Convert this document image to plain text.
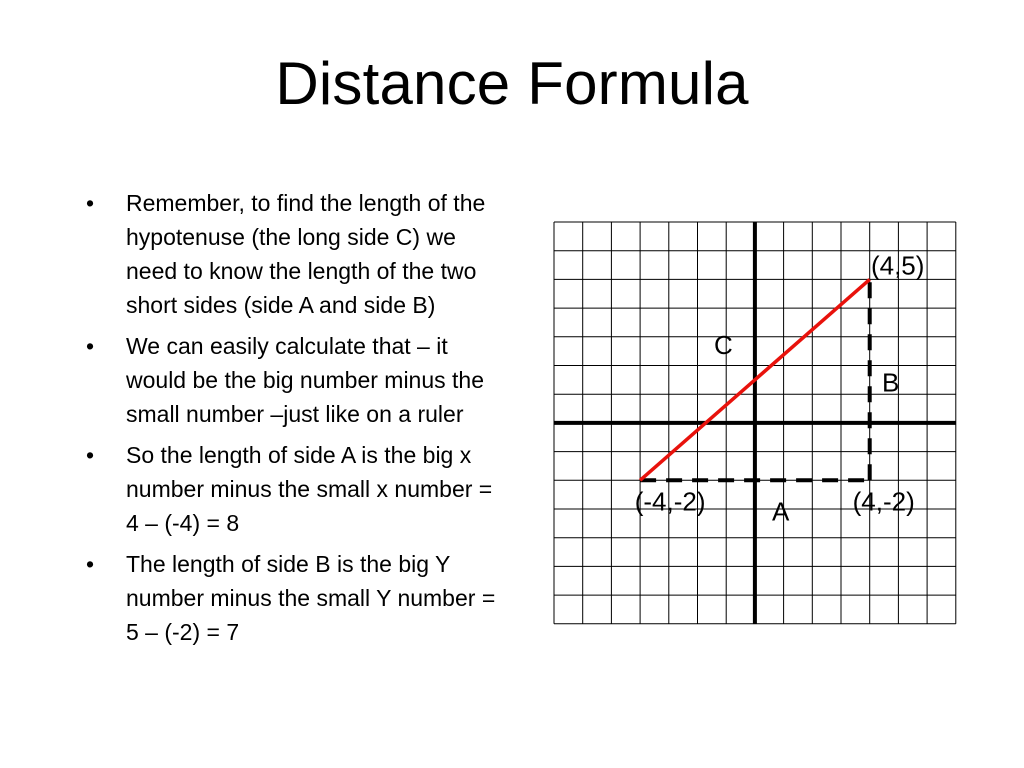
Distance Formula
• Remember, to find the length of the hypotenuse (the long side C) we need to know the length of the two short sides (side A and side B)
• We can easily calculate that – it would be the big number minus the small number –just like on a ruler
• So the length of side A is the big x number minus the small x number = 4 – (-4) = 8
• The length of side B is the big Y number minus the small Y number = 5 – (-2) = 7
(4,5)
(-4,-2)	(4,-2)
A
B
C
